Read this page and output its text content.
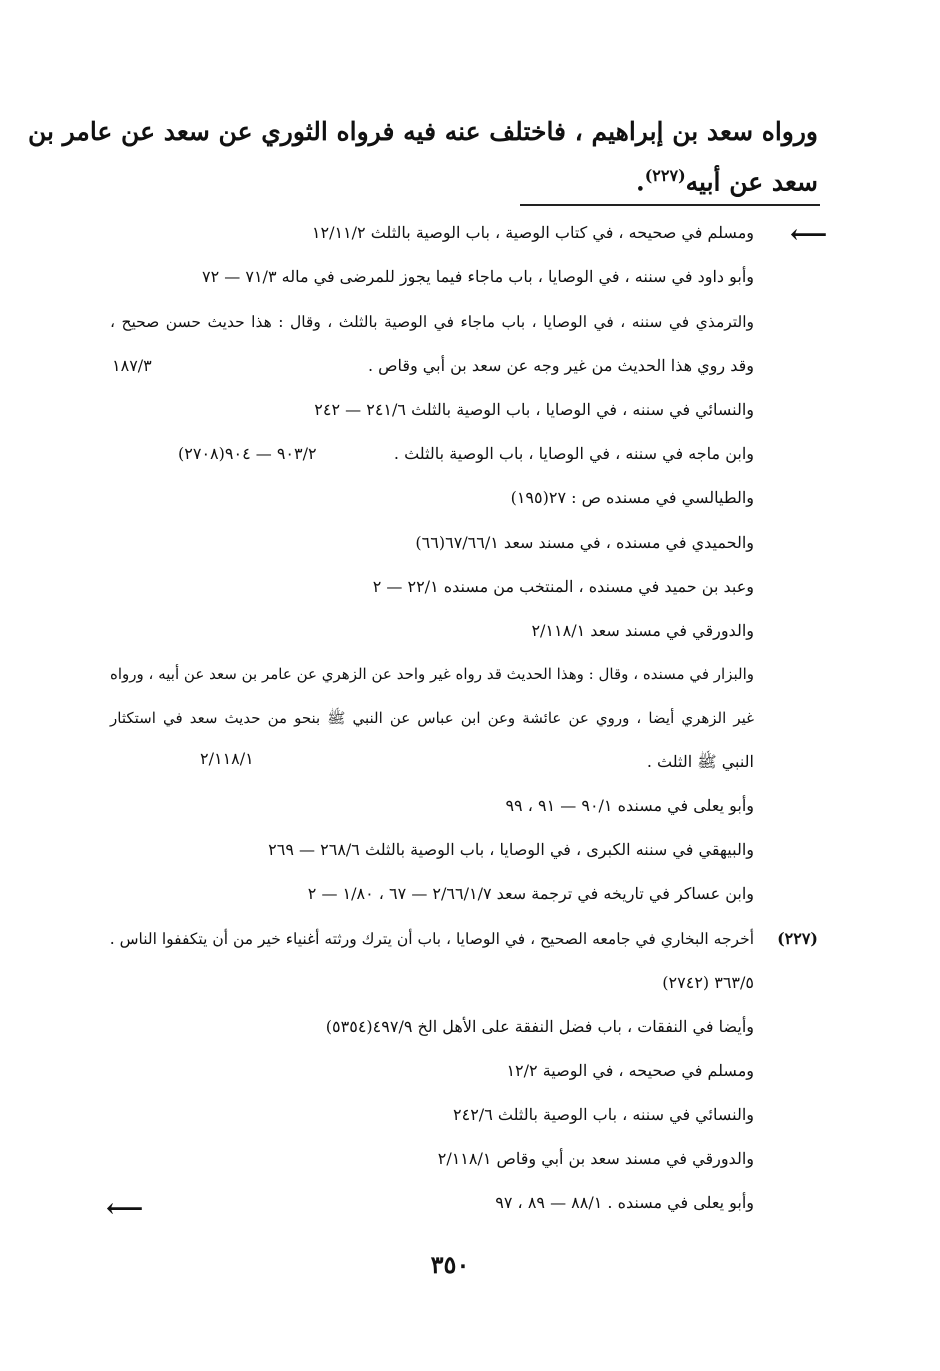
ورواه سعد بن إبراهيم ، فاختلف عنه فيه فرواه الثوري عن سعد عن عامر بن
سعد عن أبيه$^{(٢٢٧)}$.
⟵
ومسلم في صحيحه ، في كتاب الوصية ، باب الوصية بالثلث ١٢/١١/٢
وأبو داود في سننه ، في الوصايا ، باب ماجاء فيما يجوز للمرضى في ماله ٧١/٣ — ٧٢
والترمذي في سننه ، في الوصايا ، باب ماجاء في الوصية بالثلث ، وقال : هذا حديث حسن صحيح ،
وقد روي هذا الحديث من غير وجه عن سعد بن أبي وقاص .
١٨٧/٣
والنسائي في سننه ، في الوصايا ، باب الوصية بالثلث ٢٤١/٦ — ٢٤٢
وابن ماجه في سننه ، في الوصايا ، باب الوصية بالثلث .
٩٠٣/٢ — ٩٠٤(٢٧٠٨)
والطيالسي في مسنده ص : ٢٧(١٩٥)
والحميدي في مسنده ، في مسند سعد ٦٧/٦٦/١(٦٦)
وعبد بن حميد في مسنده ، المنتخب من مسنده ٢٢/١ — ٢
والدورقي في مسند سعد ٢/١١٨/١
والبزار في مسنده ، وقال : وهذا الحديث قد رواه غير واحد عن الزهري عن عامر بن سعد عن أبيه ، ورواه
غير الزهري أيضا ، وروي عن عائشة وعن ابن عباس عن النبي ﷺ بنحو من حديث سعد في استكثار
النبي ﷺ الثلث .
٢/١١٨/١
وأبو يعلى في مسنده ٩٠/١ — ٩١ ، ٩٩
والبيهقي في سننه الكبرى ، في الوصايا ، باب الوصية بالثلث ٢٦٨/٦ — ٢٦٩
وابن عساكر في تاريخه في ترجمة سعد ٢/٦٦/١/٧ — ٦٧ ، ١/٨٠ — ٢
(٢٢٧)
أخرجه البخاري في جامعه الصحيح ، في الوصايا ، باب أن يترك ورثته أغنياء خير من أن يتكففوا الناس .
٣٦٣/٥ (٢٧٤٢)
وأيضا في النفقات ، باب فضل النفقة على الأهل الخ ٤٩٧/٩(٥٣٥٤)
ومسلم في صحيحه ، في الوصية ١٢/٢
والنسائي في سننه ، باب الوصية بالثلث ٢٤٢/٦
والدورقي في مسند سعد بن أبي وقاص ٢/١١٨/١
وأبو يعلى في مسنده . ٨٨/١ — ٨٩ ، ٩٧
⟵
٣٥٠
